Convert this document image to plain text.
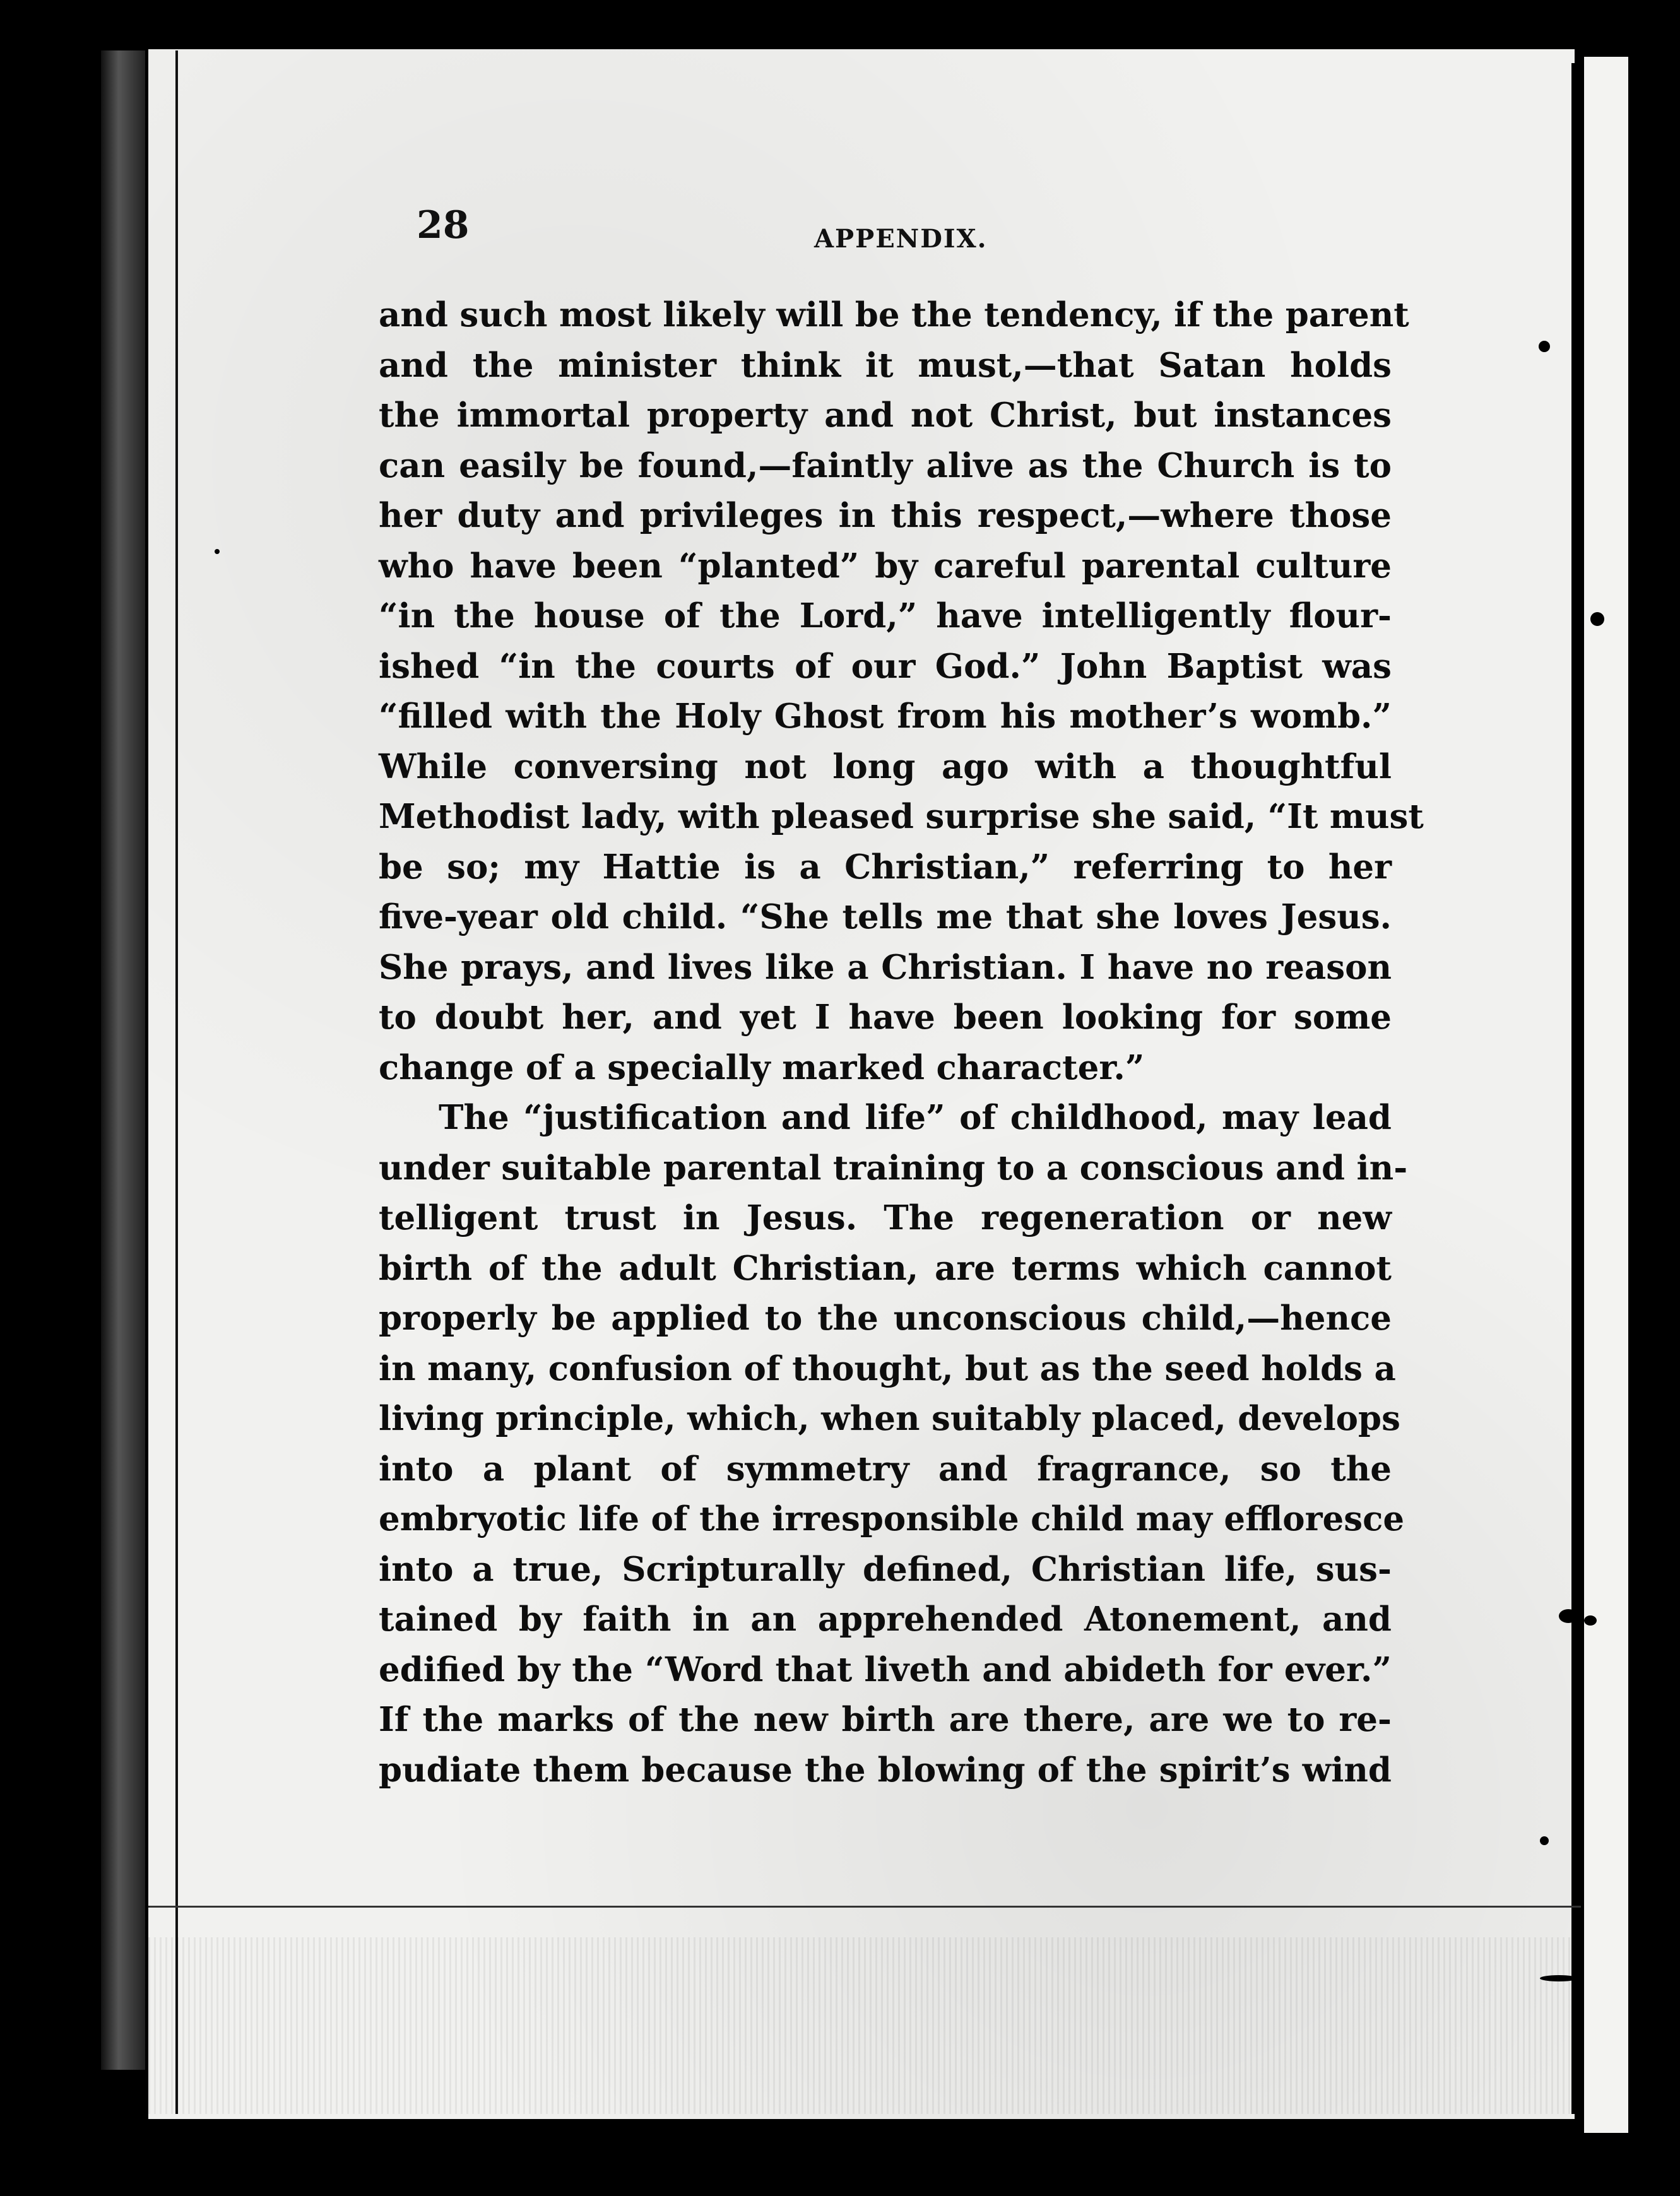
28	APPENDIX.
and such most likely will be the tendency, if the parent
and the minister think it must,—that Satan holds
the immortal property and not Christ, but instances
can easily be found,—faintly alive as the Church is to
her duty and privileges in this respect,—where those
who have been “planted” by careful parental culture
“in the house of the Lord,” have intelligently flour-
ished “in the courts of our God.” John Baptist was
“filled with the Holy Ghost from his mother’s womb.”
While conversing not long ago with a thoughtful
Methodist lady, with pleased surprise she said, “It must
be so; my Hattie is a Christian,” referring to her
five-year old child. “She tells me that she loves Jesus.
She prays, and lives like a Christian. I have no reason
to doubt her, and yet I have been looking for some
change of a specially marked character.”
The “justification and life” of childhood, may lead
under suitable parental training to a conscious and in-
telligent trust in Jesus. The regeneration or new
birth of the adult Christian, are terms which cannot
properly be applied to the unconscious child,—hence
in many, confusion of thought, but as the seed holds a
living principle, which, when suitably placed, develops
into a plant of symmetry and fragrance, so the
embryotic life of the irresponsible child may effloresce
into a true, Scripturally defined, Christian life, sus-
tained by faith in an apprehended Atonement, and
edified by the “Word that liveth and abideth for ever.”
If the marks of the new birth are there, are we to re-
pudiate them because the blowing of the spirit’s wind
